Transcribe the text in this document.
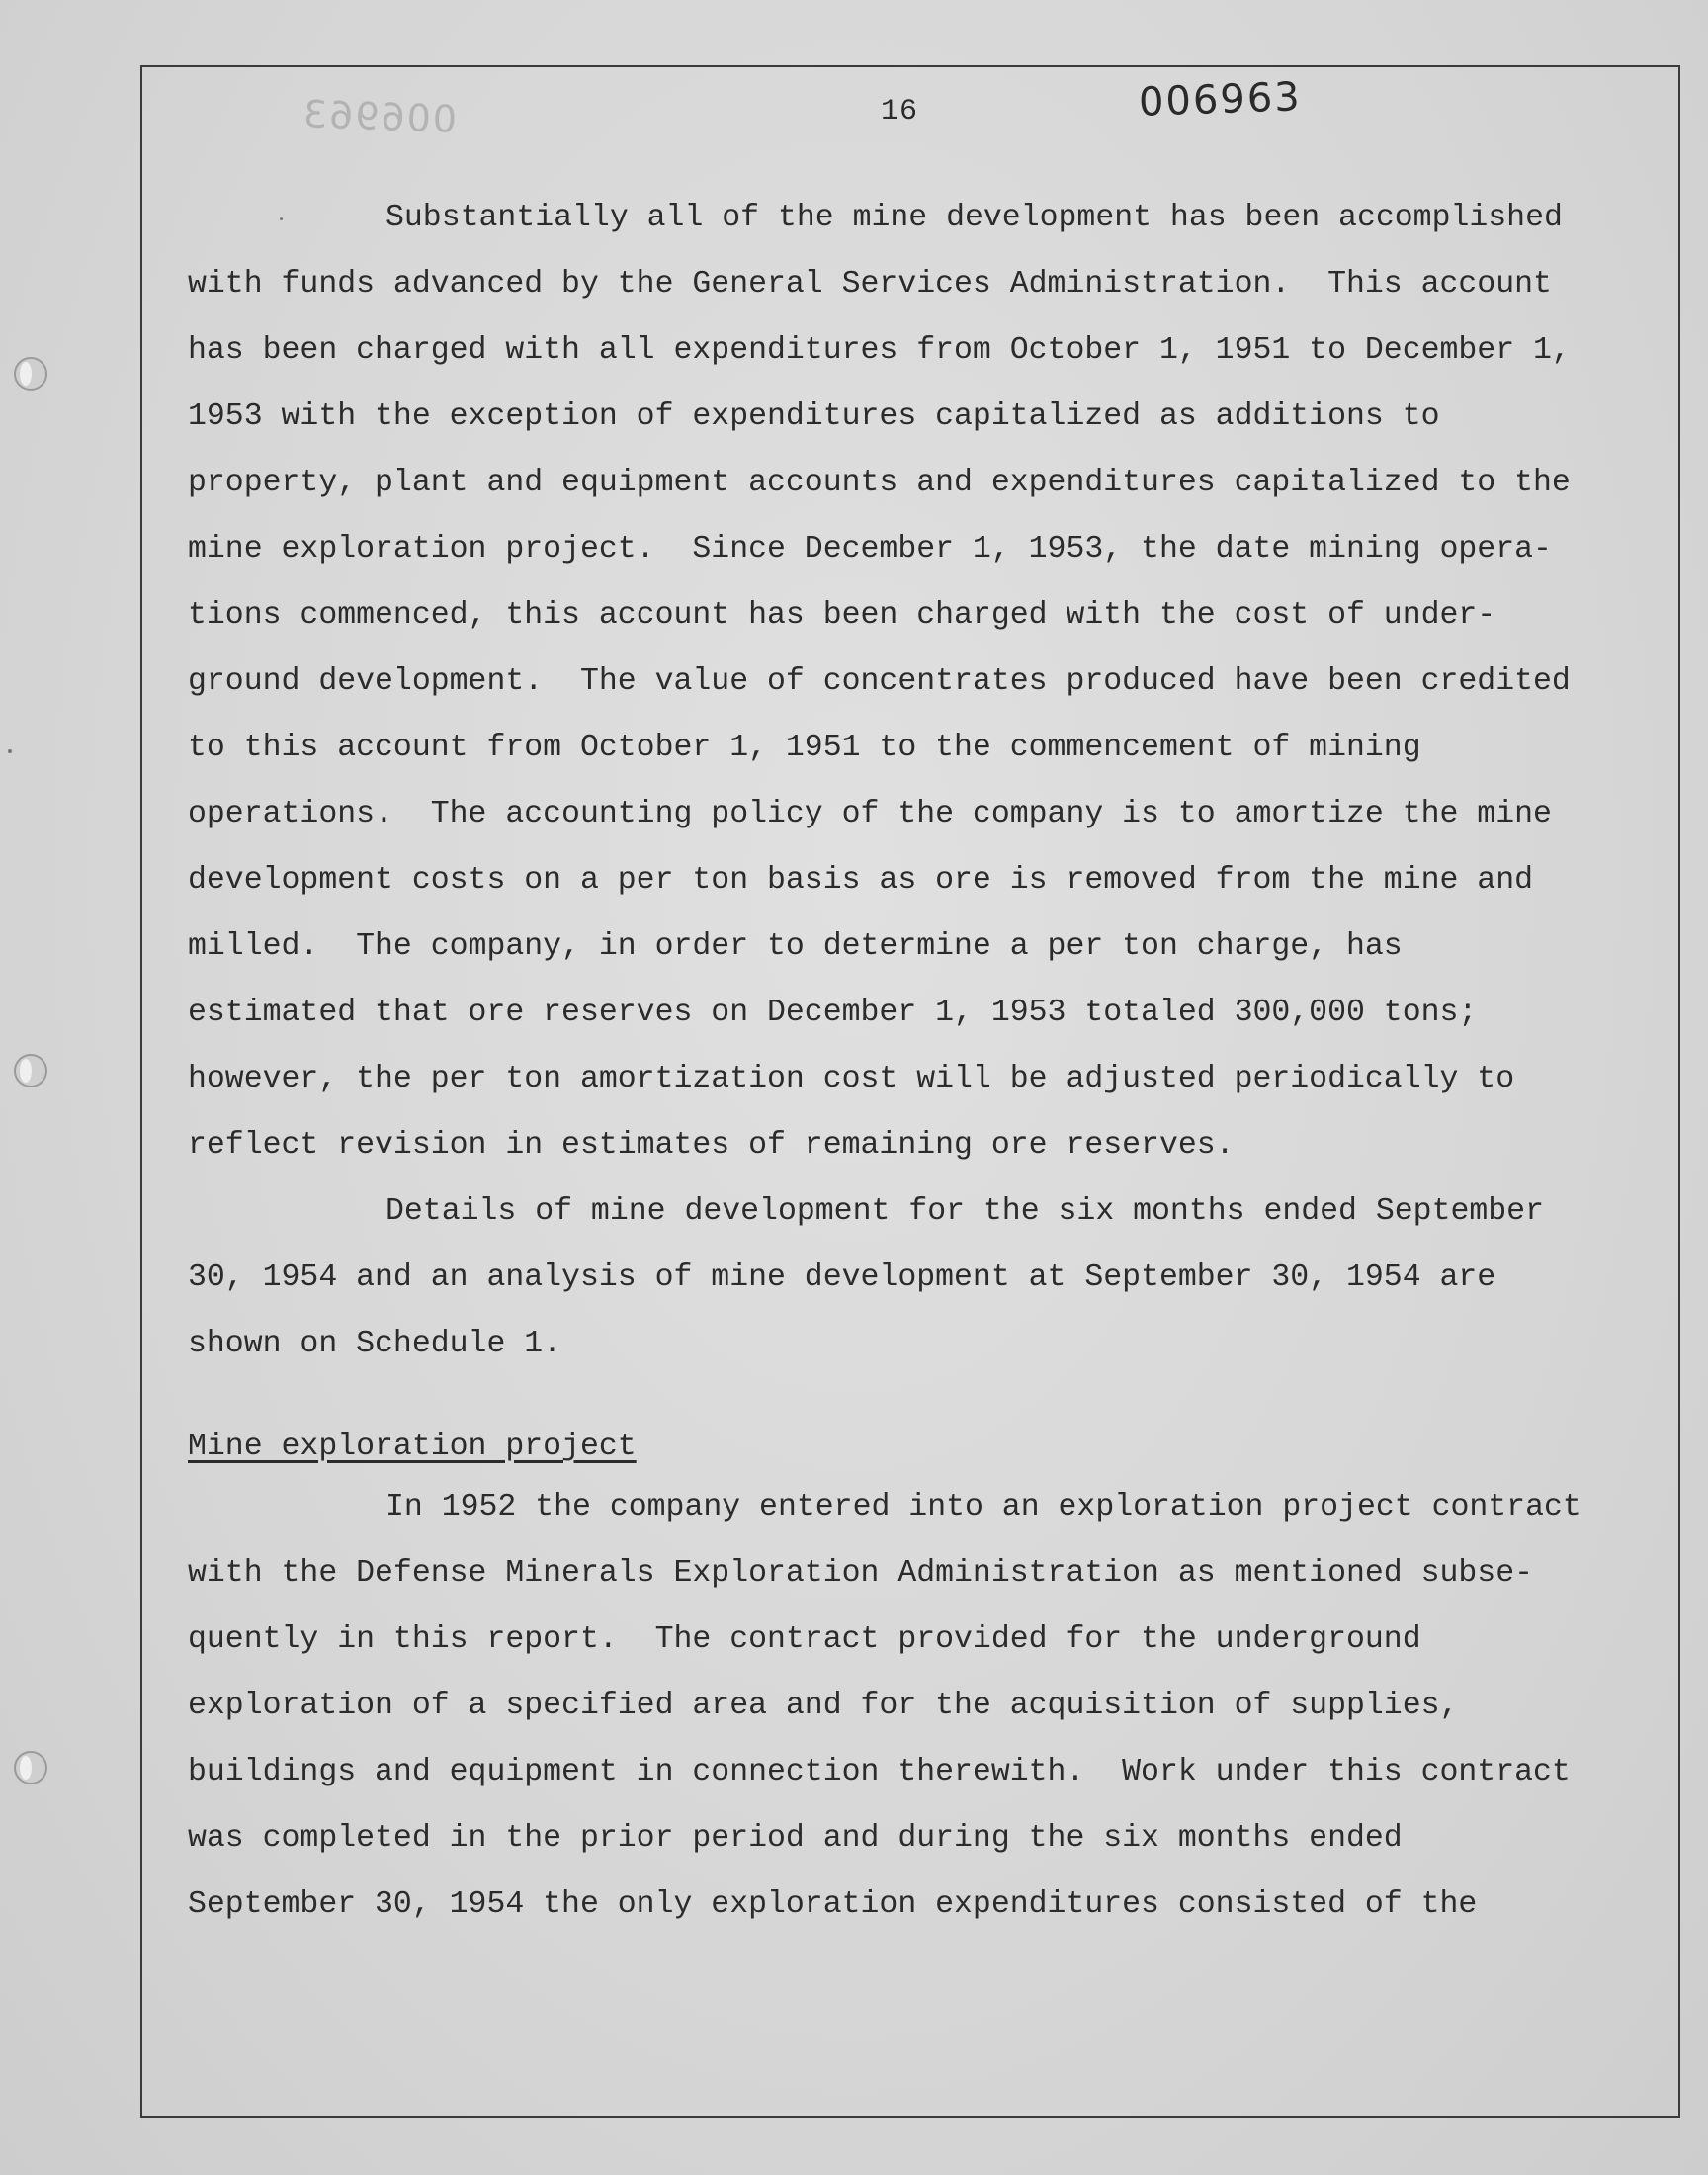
006963	16	006963
Substantially all of the mine development has been accomplished
with funds advanced by the General Services Administration.  This account
has been charged with all expenditures from October 1, 1951 to December 1,
1953 with the exception of expenditures capitalized as additions to
property, plant and equipment accounts and expenditures capitalized to the
mine exploration project.  Since December 1, 1953, the date mining opera-
tions commenced, this account has been charged with the cost of under-
ground development.  The value of concentrates produced have been credited
to this account from October 1, 1951 to the commencement of mining
operations.  The accounting policy of the company is to amortize the mine
development costs on a per ton basis as ore is removed from the mine and
milled.  The company, in order to determine a per ton charge, has
estimated that ore reserves on December 1, 1953 totaled 300,000 tons;
however, the per ton amortization cost will be adjusted periodically to
reflect revision in estimates of remaining ore reserves.
Details of mine development for the six months ended September
30, 1954 and an analysis of mine development at September 30, 1954 are
shown on Schedule 1.
Mine exploration project
In 1952 the company entered into an exploration project contract
with the Defense Minerals Exploration Administration as mentioned subse-
quently in this report.  The contract provided for the underground
exploration of a specified area and for the acquisition of supplies,
buildings and equipment in connection therewith.  Work under this contract
was completed in the prior period and during the six months ended
September 30, 1954 the only exploration expenditures consisted of the
